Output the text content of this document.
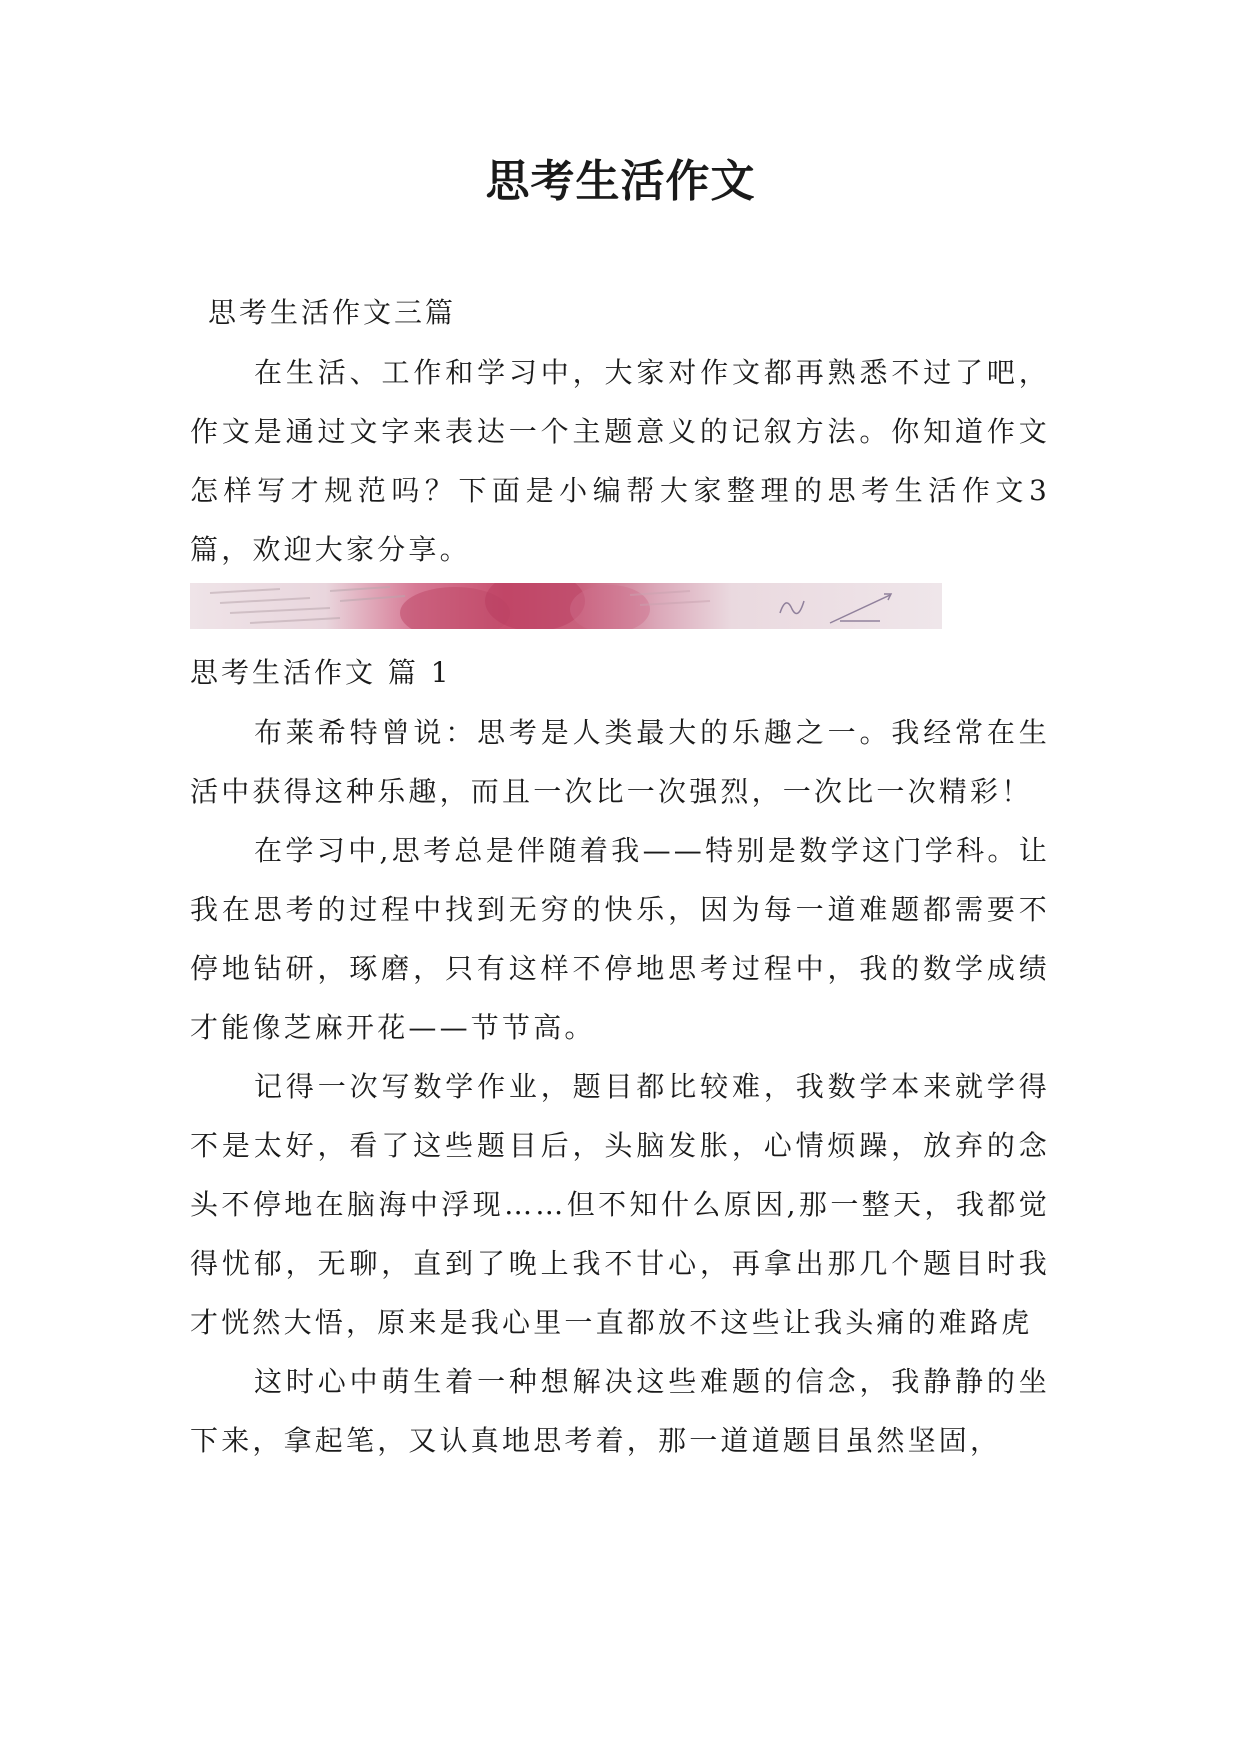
思考生活作文

思考生活作文三篇

在生活、工作和学习中，大家对作文都再熟悉不过了吧，作文是通过文字来表达一个主题意义的记叙方法。你知道作文怎样写才规范吗？下面是小编帮大家整理的思考生活作文3篇，欢迎大家分享。

思考生活作文 篇 1

布莱希特曾说：思考是人类最大的乐趣之一。我经常在生活中获得这种乐趣，而且一次比一次强烈，一次比一次精彩！

在学习中,思考总是伴随着我——特别是数学这门学科。让我在思考的过程中找到无穷的快乐，因为每一道难题都需要不停地钻研，琢磨，只有这样不停地思考过程中，我的数学成绩才能像芝麻开花——节节高。

记得一次写数学作业，题目都比较难，我数学本来就学得不是太好，看了这些题目后，头脑发胀，心情烦躁，放弃的念头不停地在脑海中浮现……但不知什么原因,那一整天，我都觉得忧郁，无聊，直到了晚上我不甘心，再拿出那几个题目时我才恍然大悟，原来是我心里一直都放不这些让我头痛的难路虎

这时心中萌生着一种想解决这些难题的信念，我静静的坐下来，拿起笔，又认真地思考着，那一道道题目虽然坚固，
